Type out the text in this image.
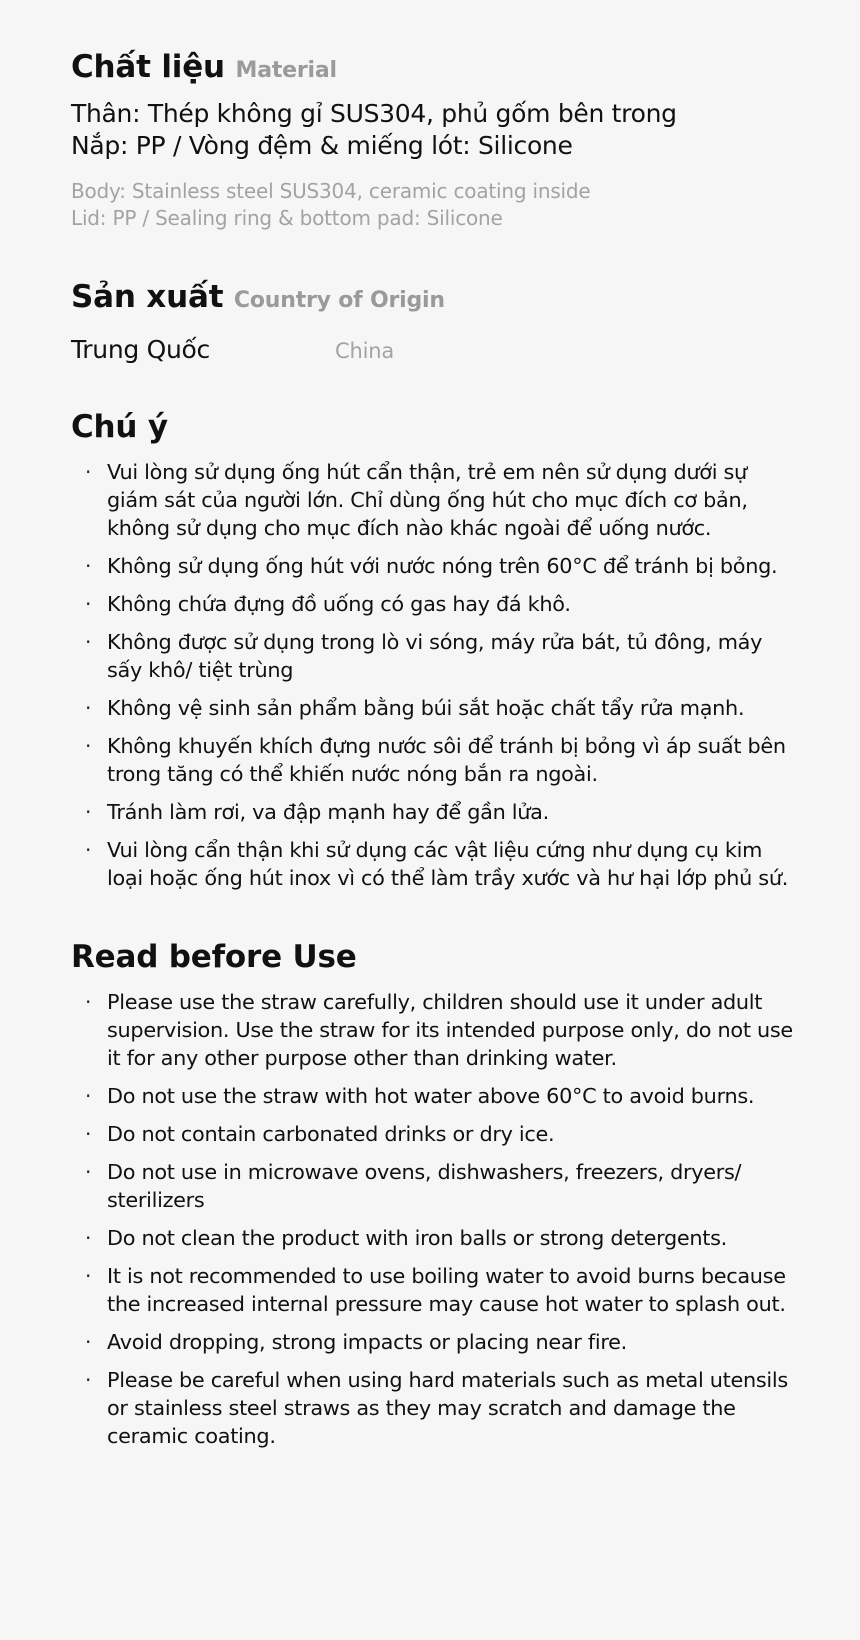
Chất liệu Material
Thân: Thép không gỉ SUS304, phủ gốm bên trong
Nắp: PP / Vòng đệm & miếng lót: Silicone
Body: Stainless steel SUS304, ceramic coating inside
Lid: PP / Sealing ring & bottom pad: Silicone
Sản xuất Country of Origin
Trung Quốc	China
Chú ý
· Vui lòng sử dụng ống hút cẩn thận, trẻ em nên sử dụng dưới sự giám sát của người lớn. Chỉ dùng ống hút cho mục đích cơ bản, không sử dụng cho mục đích nào khác ngoài để uống nước.
· Không sử dụng ống hút với nước nóng trên 60°C để tránh bị bỏng.
· Không chứa đựng đồ uống có gas hay đá khô.
· Không được sử dụng trong lò vi sóng, máy rửa bát, tủ đông, máy sấy khô/ tiệt trùng
· Không vệ sinh sản phẩm bằng búi sắt hoặc chất tẩy rửa mạnh.
· Không khuyến khích đựng nước sôi để tránh bị bỏng vì áp suất bên trong tăng có thể khiến nước nóng bắn ra ngoài.
· Tránh làm rơi, va đập mạnh hay để gần lửa.
· Vui lòng cẩn thận khi sử dụng các vật liệu cứng như dụng cụ kim loại hoặc ống hút inox vì có thể làm trầy xước và hư hại lớp phủ sứ.
Read before Use
· Please use the straw carefully, children should use it under adult supervision. Use the straw for its intended purpose only, do not use it for any other purpose other than drinking water.
· Do not use the straw with hot water above 60°C to avoid burns.
· Do not contain carbonated drinks or dry ice.
· Do not use in microwave ovens, dishwashers, freezers, dryers/ sterilizers
· Do not clean the product with iron balls or strong detergents.
· It is not recommended to use boiling water to avoid burns because the increased internal pressure may cause hot water to splash out.
· Avoid dropping, strong impacts or placing near fire.
· Please be careful when using hard materials such as metal utensils or stainless steel straws as they may scratch and damage the ceramic coating.
